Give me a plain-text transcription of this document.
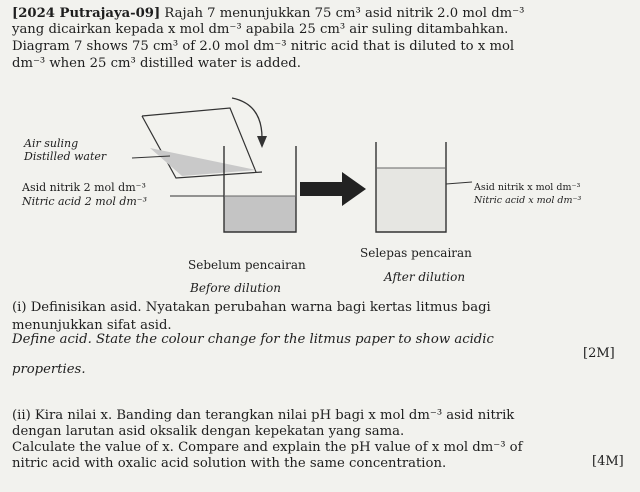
[2024 Putrajaya-09] Rajah 7 menunjukkan 75 cm³ asid nitrik 2.0 mol dm⁻³
yang dicairkan kepada x mol dm⁻³ apabila 25 cm³ air suling ditambahkan.
Diagram 7 shows 75 cm³ of 2.0 mol dm⁻³ nitric acid that is diluted to x mol
dm⁻³ when 25 cm³ distilled water is added.
Air suling
Distilled water
Asid nitrik 2 mol dm⁻³
Nitric acid 2 mol dm⁻³
Asid nitrik x mol dm⁻³
Nitric acid x mol dm⁻³
Sebelum pencairan
Selepas pencairan
Before dilution
After dilution
(i) Definisikan asid. Nyatakan perubahan warna bagi kertas litmus bagi
menunjukkan sifat asid.
Define acid. State the colour change for the litmus paper to show acidic
properties.
[2M]
(ii) Kira nilai x. Banding dan terangkan nilai pH bagi x mol dm⁻³ asid nitrik
dengan larutan asid oksalik dengan kepekatan yang sama.
Calculate the value of x. Compare and explain the pH value of x mol dm⁻³ of
nitric acid with oxalic acid solution with the same concentration.	[4M]
